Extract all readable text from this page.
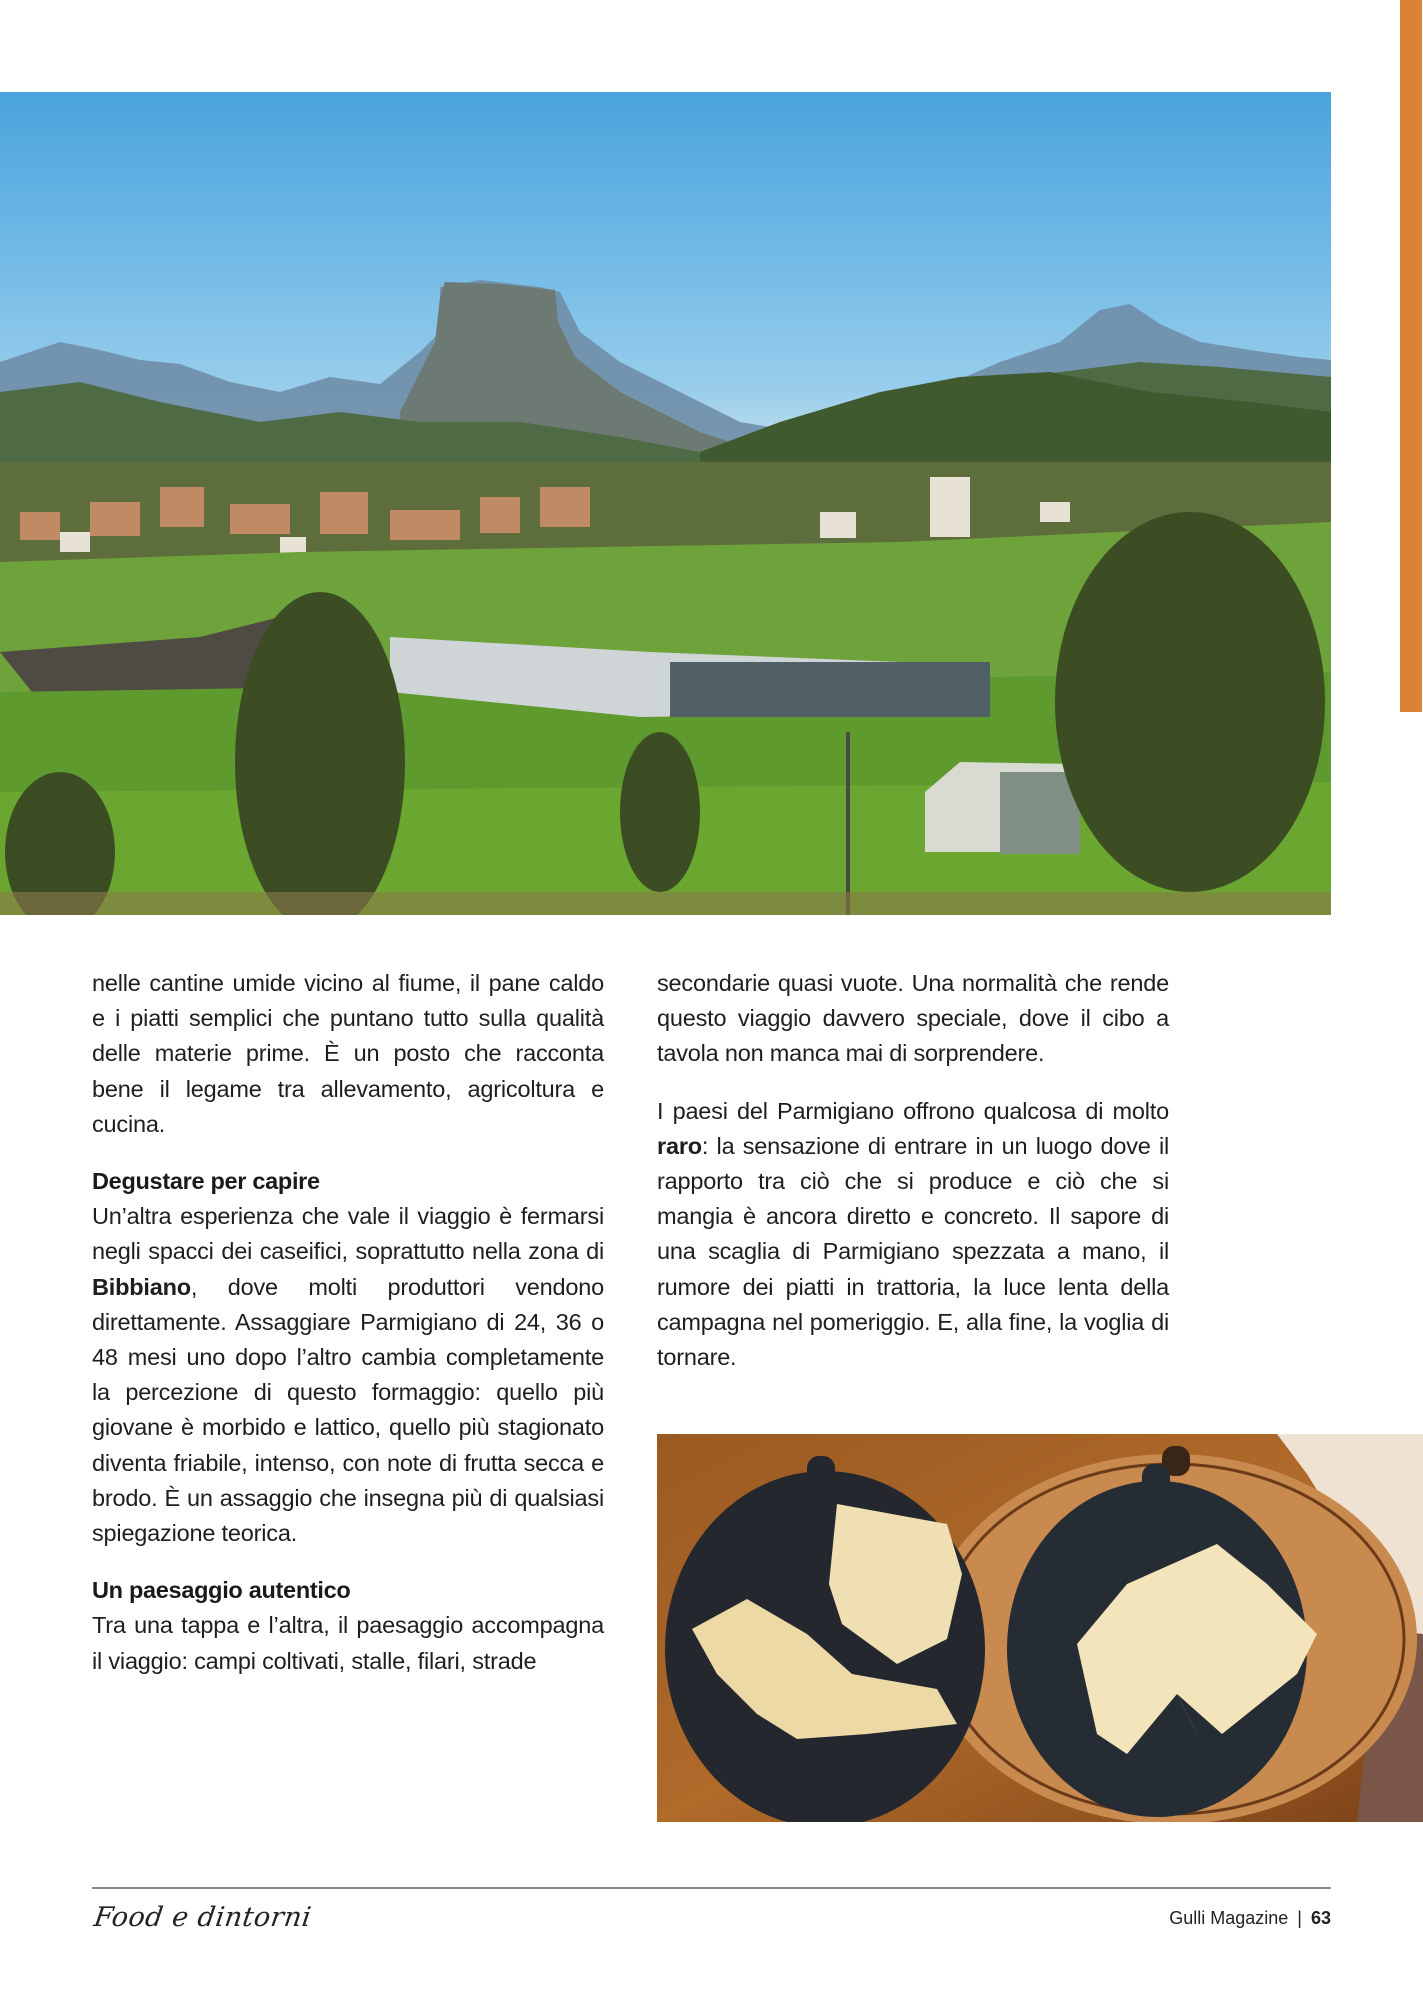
nelle cantine umide vicino al fiume, il pane caldo e i piatti semplici che puntano tutto sulla qualità delle materie prime. È un posto che racconta bene il legame tra allevamento, agricoltura e cucina.

Degustare per capire

Un’altra esperienza che vale il viaggio è fermarsi negli spacci dei caseifici, soprattutto nella zona di Bibbiano, dove molti produttori vendono direttamente. Assaggiare Parmigiano di 24, 36 o 48 mesi uno dopo l’altro cambia completamente la percezione di questo formaggio: quello più giovane è morbido e lattico, quello più stagionato diventa friabile, intenso, con note di frutta secca e brodo. È un assaggio che insegna più di qualsiasi spiegazione teorica.

Un paesaggio autentico

Tra una tappa e l’altra, il paesaggio accompagna il viaggio: campi coltivati, stalle, filari, strade

secondarie quasi vuote. Una normalità che rende questo viaggio davvero speciale, dove il cibo a tavola non manca mai di sorprendere.

I paesi del Parmigiano offrono qualcosa di molto raro: la sensazione di entrare in un luogo dove il rapporto tra ciò che si produce e ciò che si mangia è ancora diretto e concreto. Il sapore di una scaglia di Parmigiano spezzata a mano, il rumore dei piatti in trattoria, la luce lenta della campagna nel pomeriggio. E, alla fine, la voglia di tornare.

Food e dintorni	Gulli Magazine | 63
